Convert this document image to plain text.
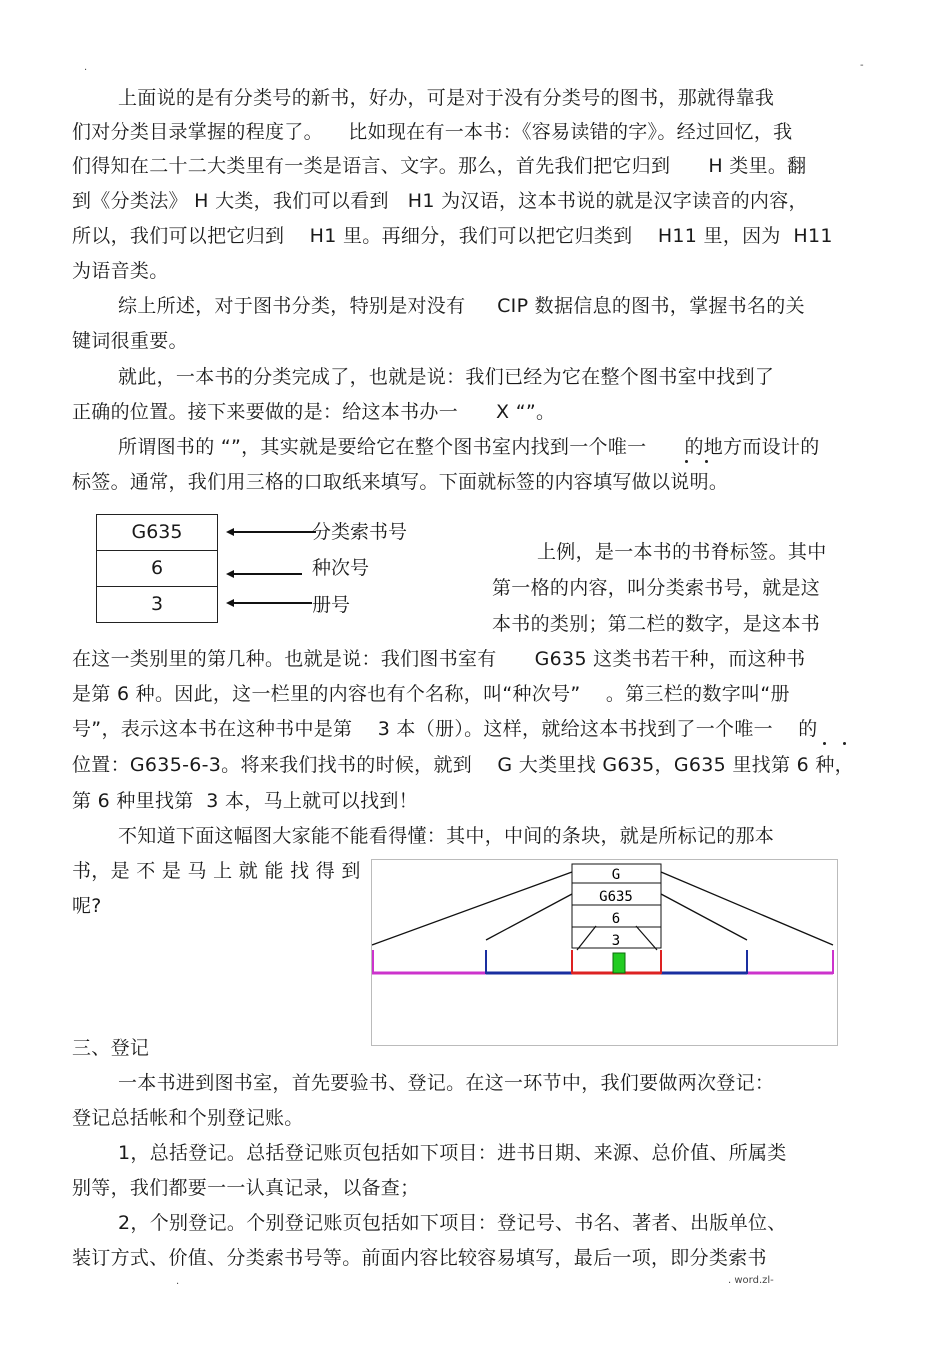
.	-
上面说的是有分类号的新书，好办，可是对于没有分类号的图书，那就得靠我
们对分类目录掌握的程度了。    比如现在有一本书：《容易读错的字》。经过回忆，我
们得知在二十二大类里有一类是语言、文字。那么，首先我们把它归到      H 类里。翻
到《分类法》 H 大类，我们可以看到   H1 为汉语，这本书说的就是汉字读音的内容，
所以，我们可以把它归到    H1 里。再细分，我们可以把它归类到    H11 里，因为  H11
为语音类。
综上所述，对于图书分类，特别是对没有     CIP 数据信息的图书，掌握书名的关
键词很重要。
就此，一本书的分类完成了，也就是说：我们已经为它在整个图书室中找到了
正确的位置。接下来要做的是：给这本书办一      X “”。
所谓图书的 “”，其实就是要给它在整个图书室内找到一个唯一      的地方而设计的
标签。通常，我们用三格的口取纸来填写。下面就标签的内容填写做以说明。
G635
6
3
分类索书号
种次号
册号
上例，是一本书的书脊标签。其中
第一格的内容，叫分类索书号，就是这
本书的类别；第二栏的数字，是这本书
在这一类别里的第几种。也就是说：我们图书室有      G635 这类书若干种，而这种书
是第 6 种。因此，这一栏里的内容也有个名称，叫“种次号”    。第三栏的数字叫“册
号”，表示这本书在这种书中是第    3 本（册）。这样，就给这本书找到了一个唯一    的
位置：G635-6-3。将来我们找书的时候，就到    G 大类里找 G635，G635 里找第 6 种，
第 6 种里找第  3 本，马上就可以找到！
不知道下面这幅图大家能不能看得懂：其中，中间的条块，就是所标记的那本
书，是 不 是 马 上 就 能 找 得 到
呢?
G
G635
6
3
三、登记
一本书进到图书室，首先要验书、登记。在这一环节中，我们要做两次登记：
登记总括帐和个别登记账。
1，总括登记。总括登记账页包括如下项目：进书日期、来源、总价值、所属类
别等，我们都要一一认真记录，以备查；
2，个别登记。个别登记账页包括如下项目：登记号、书名、著者、出版单位、
装订方式、价值、分类索书号等。前面内容比较容易填写，最后一项，即分类索书
.	. word.zl-
